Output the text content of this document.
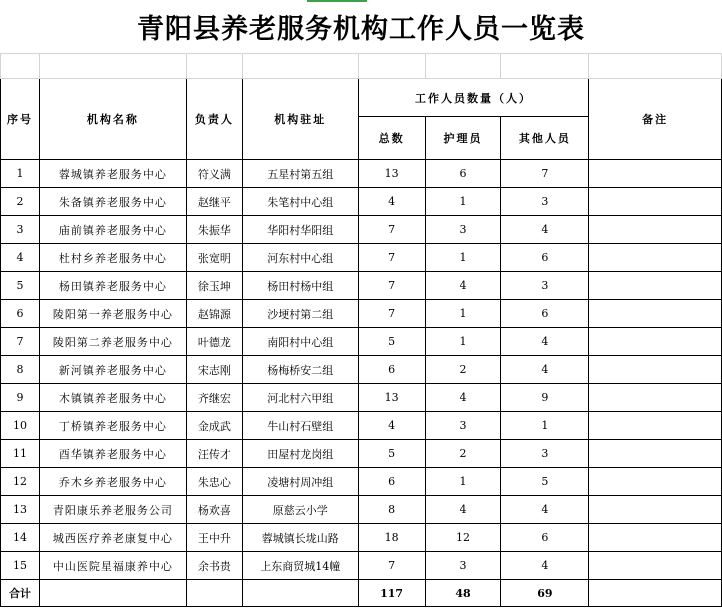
青阳县养老服务机构工作人员一览表

序号	机构名称	负责人	机构驻址	工作人员数量（人）			备注
				总数	护理员	其他人员	
1	蓉城镇养老服务中心	符义满	五星村第五组	13	6	7	
2	朱备镇养老服务中心	赵继平	朱笔村中心组	4	1	3	
3	庙前镇养老服务中心	朱振华	华阳村华阳组	7	3	4	
4	杜村乡养老服务中心	张宽明	河东村中心组	7	1	6	
5	杨田镇养老服务中心	徐玉坤	杨田村杨中组	7	4	3	
6	陵阳第一养老服务中心	赵锦源	沙埂村第二组	7	1	6	
7	陵阳第二养老服务中心	叶德龙	南阳村中心组	5	1	4	
8	新河镇养老服务中心	宋志刚	杨梅桥安二组	6	2	4	
9	木镇镇养老服务中心	齐继宏	河北村六甲组	13	4	9	
10	丁桥镇养老服务中心	金成武	牛山村石壁组	4	3	1	
11	酉华镇养老服务中心	汪传才	田屋村龙岗组	5	2	3	
12	乔木乡养老服务中心	朱忠心	凌塘村周冲组	6	1	5	
13	青阳康乐养老服务公司	杨欢喜	原慈云小学	8	4	4	
14	城西医疗养老康复中心	王中升	蓉城镇长垅山路	18	12	6	
15	中山医院星福康养中心	余书贵	上东商贸城14幢	7	3	4	
合计				117	48	69	
